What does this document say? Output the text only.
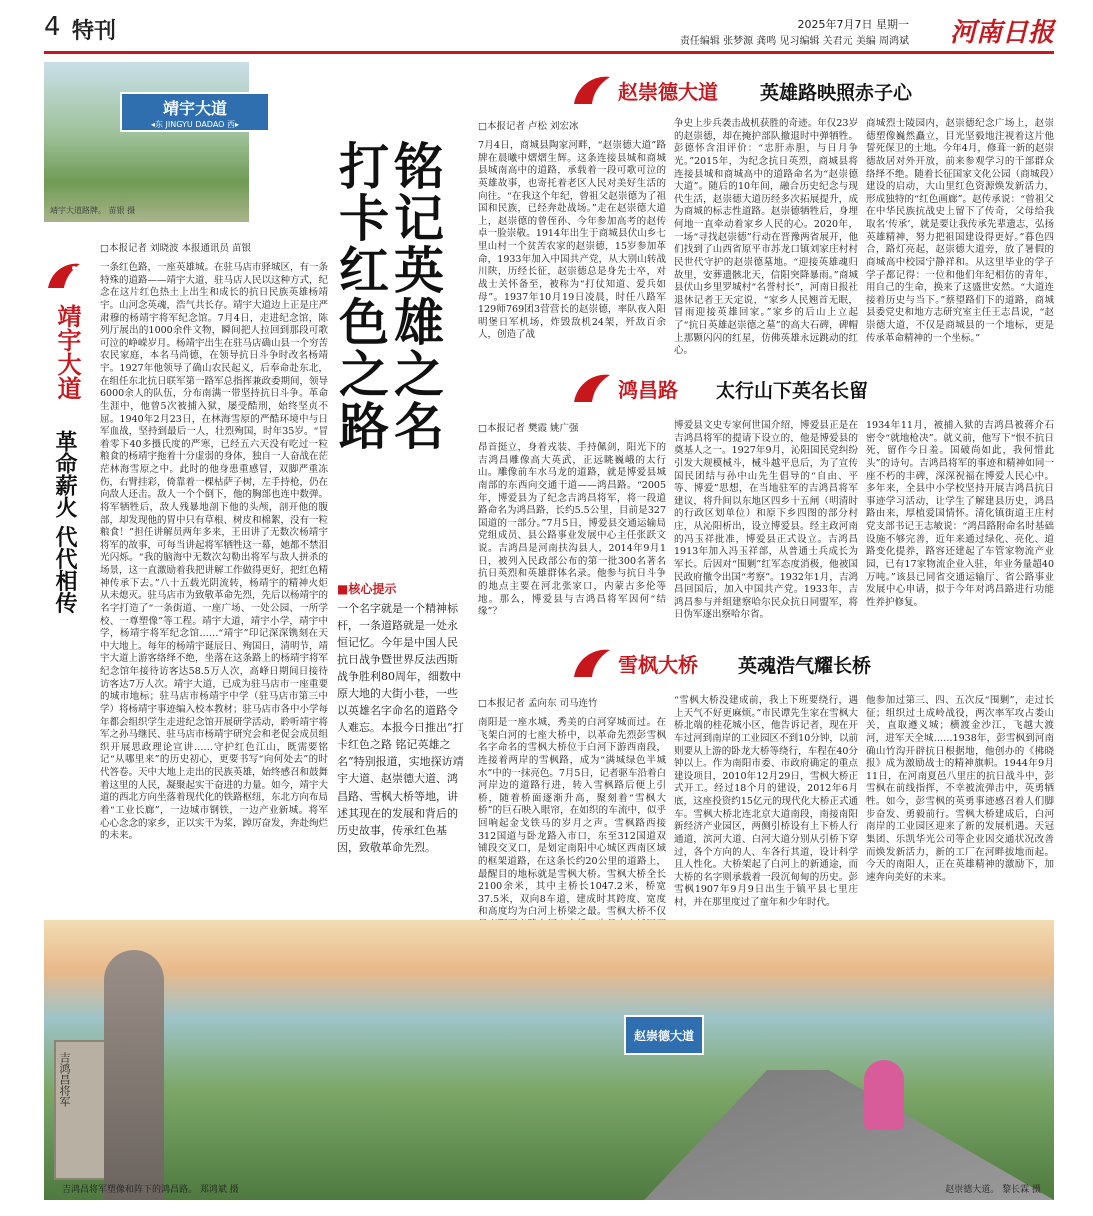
4 特刊	2025年7月7日 星期一
责任编辑 张梦源 龚鸣 见习编辑 关君元 美编 周鸿斌 河南日报
靖宇大道
◂东 JINGYU DADAO 西▸
靖宇大道路牌。 苗银 摄	铭记英雄之名
打卡红色之路
□本报记者 刘晓波 本报通讯员 苗银
靖宇大道
革命薪火 代代相传
一条红色路，一座英雄城。在驻马店市驿城区，有一条特殊的道路——靖宇大道，驻马店人民以这种方式，纪念在这片红色热土上出生和成长的抗日民族英雄杨靖宇。山河念英魂，浩气共长存。靖宇大道边上正是庄严肃穆的杨靖宇将军纪念馆。7月4日，走进纪念馆，陈列厅展出的1000余件文物，瞬间把人拉回到那段可歌可泣的峥嵘岁月。杨靖宇出生在驻马店确山县一个穷苦农民家庭，本名马尚德，在领导抗日斗争时改名杨靖宇。1927年他领导了确山农民起义，后奉命赴东北，在组任东北抗日联军第一路军总指挥兼政委期间，领导6000余人的队伍，分布南满一带坚持抗日斗争。革命生涯中，他曾5次被捕入狱，屡受酷刑，始终坚贞不屈。1940年2月23日，在林海雪原的严酷环境中与日军血战，坚持到最后一人，壮烈殉国，时年35岁。“冒着零下40多摄氏度的严寒，已经五六天没有吃过一粒粮食的杨靖宇拖着十分虚弱的身体，独自一人奋战在茫茫林海雪原之中。此时的他身患重感冒，双脚严重冻伤，右臂挂彩，倚靠着一棵枯萨子树，左手持枪，仍在向敌人还击。敌人一个个倒下，他的胸部也连中数弹。将军牺牲后，敌人残暴地剖下他的头颅，剖开他的腹部，却发现他的胃中只有草根、树皮和棉絮，没有一粒粮食！”担任讲解员两年多来，王田讲了无数次杨靖宇将军的故事，可每当讲起将军牺牲这一幕，她都不禁泪光闪烁。“我的脑海中无数次勾勒出将军与敌人拼杀的场景，这一直激励着我把讲解工作做得更好，把红色精神传承下去。”八十五载光阴流转，杨靖宇的精神火炬从未熄灭。驻马店市为致敬革命先烈，先后以杨靖宇的名字打造了“一条街道、一座广场、一处公园、一所学校、一尊塑像”等工程。靖宇大道，靖宇小学，靖宇中学，杨靖宇将军纪念馆……“靖宇”印记深深镌刻在天中大地上。每年的杨靖宇诞辰日、殉国日，清明节，靖宇大道上游客络绎不绝，坐落在这条路上的杨靖宇将军纪念馆年接待访客达58.5万人次，高峰日期间日接待访客达7万人次。靖宇大道，已成为驻马店市一座重要的城市地标；驻马店市杨靖宇中学（驻马店市第三中学）将杨靖宇事迹编入校本教材；驻马店市各中小学每年都会组织学生走进纪念馆开展研学活动，聆听靖宇将军之孙马继民、驻马店市杨靖宇研究会和老促会成员组织开展思政理论宣讲……守护红色江山，既需要铭记“从哪里来”的历史初心，更要书写“向何处去”的时代答卷。天中大地上走出的民族英雄，始终感召和鼓舞着这里的人民，凝聚起实干奋进的力量。如今，靖宇大道的西北方向坐落着现代化的铁路枢纽，东北方向布局着“工业长廊”，一边城市钢铁，一边产业新城。将军心心念念的家乡，正以实干为桨，踔厉奋发，奔赴绚烂的未来。
■核心提示
一个名字就是一个精神标杆，一条道路就是一处永恒记忆。今年是中国人民抗日战争暨世界反法西斯战争胜利80周年，细数中原大地的大街小巷，一些以英雄名字命名的道路令人难忘。本报今日推出“打卡红色之路 铭记英雄之名”特别报道，实地探访靖宇大道、赵崇德大道、鸿昌路、雪枫大桥等地，讲述其现在的发展和背后的历史故事，传承红色基因，致敬革命先烈。
赵崇德大道 英雄路映照赤子心
□本报记者 卢松 刘宏冰
7月4日，商城县陶家河畔，“赵崇德大道”路牌在晨曦中熠熠生辉。这条连接县城和商城县城南高中的道路，承载着一段可歌可泣的英雄故事，也寄托着老区人民对美好生活的向往。“在我这个年纪，曾祖父赵崇德为了祖国和民族，已经奔赴战场。”走在赵崇德大道上，赵崇德的曾侄孙、今年参加高考的赵传卓一脸崇敬。1914年出生于商城县伏山乡七里山村一个贫苦农家的赵崇德，15岁参加革命，1933年加入中国共产党，从大别山转战川陕，历经长征，赵崇德总是身先士卒，对战士关怀备至，被称为“打仗知道、爱兵如母”。1937年10月19日凌晨，时任八路军129师769团3营营长的赵崇德，率队夜入阳明堡日军机场，炸毁敌机24架，歼敌百余人，创造了战
争史上步兵袭击战机获胜的奇迹。年仅23岁的赵崇德，却在掩护部队撤退时中弹牺牲。彭德怀含泪评价：“忠肝赤胆，与日月争光。”2015年，为纪念抗日英烈，商城县将连接县城和商城高中的道路命名为“赵崇德大道”。随后的10年间，融合历史纪念与现代生活，赵崇德大道历经多次拓展提升，成为商城的标志性道路。赵崇德牺牲后，身埋何地一直牵动着家乡人民的心。2020年，一场“寻找赵崇德”行动在晋豫两省展开，他们找到了山西省原平市苏龙口镇刘家庄村村民世代守护的赵崇德墓地。“迎接英雄魂归故里，安葬遗骸北天，信阳突降暴雨。”商城县伏山乡里罗城村“名誉村长”，河南日报社退休记者王天定说，“家乡人民翘首无眠，冒雨迎接英雄回家。”家乡的后山上立起了“抗日英雄赵崇德之墓”的高大石碑，碑帽上那颗闪闪的红星，仿佛英雄永远跳动的红心。
商城烈士陵园内，赵崇德纪念广场上，赵崇德塑像巍然矗立，目光坚毅地注视着这片他誓死保卫的土地。今年4月，修葺一新的赵崇德故居对外开放，前来参观学习的干部群众络绎不绝。随着长征国家文化公园（商城段）建设的启动，大山里红色资源焕发新活力，形成独特的“红色画廊”。赵传承说：“曾祖父在中华民族抗战史上留下了传奇，父母给我取名‘传承’，就是要让我传承先辈遗志，弘扬英雄精神，努力把祖国建设得更好。”暮色四合，路灯亮起，赵崇德大道旁，放了暑假的商城高中校园宁静祥和。从这里毕业的学子学子都记得：一位和他们年纪相仿的青年，用自己的生命，换来了这盛世安然。“大道连接着历史与当下。”蔡望路们下的道路，商城县委党史和地方志研究室主任王志昌说，“赵崇德大道，不仅是商城县的一个地标，更是传承革命精神的一个坐标。”
鸿昌路 太行山下英名长留
□本报记者 樊霞 姚广强
昂首挺立，身着戎装、手持佩剑，阳光下的吉鸿昌雕像高大英武，正远眺巍峨的太行山。雕像前车水马龙的道路，就是博爱县城南部的东西向交通干道——鸿昌路。“2005年，博爱县为了纪念吉鸿昌将军，将一段道路命名为鸿昌路，长约5.5公里，目前是327国道的一部分。”7月5日，博爱县交通运输局党组成员、县公路事业发展中心主任张跃文说。吉鸿昌是河南扶沟县人，2014年9月1日，被列入民政部公布的第一批300名著名抗日英烈和英雄群体名录。他参与抗日斗争的地点主要在河北张家口，内蒙古多伦等地。那么，博爱县与吉鸿昌将军因何“结缘”？
博爱县文史专家何世国介绍，博爱县正是在吉鸿昌将军的提请下设立的，他是博爱县的奠基人之一。1927年9月，沁阳国民党纠纷引发大规模械斗，械斗越平息后，为了宣传国民团结与孙中山先生倡导的“自由、平等、博爱”思想，在当地驻军的吉鸿昌将军建议，将升间以东地区四乡十五闸（明清时的行政区划单位）和原下乡四图的部分村庄，从沁阳析出，设立博爱县。经主政河南的冯玉祥批准，博爱县正式设立。吉鸿昌1913年加入冯玉祥部，从普通士兵成长为军长。后因对“围剿”红军态度消极，他被国民政府撤令出国“考察”。1932年1月，吉鸿昌回国后，加入中国共产党。1933年，吉鸿昌参与并组建察哈尔民众抗日同盟军，将日伪军逐出察哈尔省。
1934年11月，被捕入狱的吉鸿昌被蒋介石密令“就地枪决”。就义前，他写下“恨不抗日死，留作今日羞。国破尚如此，我何惜此头”的诗句。吉鸿昌将军的事迹和精神如同一座不朽的丰碑，深深祝福在博爱人民心中。多年来，全县中小学校坚持开展吉鸿昌抗日事迹学习活动，让学生了解建县历史，鸿昌路由来，厚植爱国情怀。清化镇街道王庄村党支部书记王志敏说：“鸿昌路附命名时基础设施不够完善，近年来通过绿化、亮化、道路变化提养，路容还建起了车管家物流产业园，已有17家物流企业入驻，年业务量超40万吨。”该县已同省交通运输厅、省公路事业发展中心申请，拟于今年对鸿昌路进行功能性养护修复。
雪枫大桥 英魂浩气耀长桥
□本报记者 孟向东 司马连竹
南阳是一座水城，秀美的白河穿城而过。在飞架白河的七座大桥中，以革命先烈彭雪枫名字命名的雪枫大桥位于白河下游西南段，连接着两岸的雪枫路，成为“满城绿色半城水”中的一抹亮色。7月5日，记者驱车沿着白河岸边的道路行进，转入雪枫路后便上引桥，随着桥面逐渐升高，聚刻着“雪枫大桥”的巨石映入眼帘，在如织的车流中，似乎回响起金戈铁马的岁月之声。雪枫路西接312国道与卧龙路入市口，东至312国道双铺段交叉口，是划定南阳中心城区西南区域的框架道路，在这条长约20公里的道路上，最醒目的地标就是雪枫大桥。雪枫大桥全长2100余米，其中主桥长1047.2米，桥宽37.5米，双向8车道，建成时其跨度、宽度和高度均为白河上桥梁之最。雪枫大桥不仅
“雪枫大桥没建成前，我上下班要绕行，遇上天气不好更麻烦。”市民谭先生家在雪枫大桥北端的桂花城小区，他告诉记者，现在开车过河到南岸的工业园区不到10分钟，以前则要从上游的卧龙大桥等绕行，车程在40分钟以上。作为南阳市委、市政府确定的重点建设项目，2010年12月29日，雪枫大桥正式开工。经过18个月的建设，2012年6月底，这座投资约15亿元的现代化大桥正式通车。雪枫大桥北连北京大道南段，南接南阳新经济产业园区，两侧引桥设有上下桥人行通道，滨河大道、白河大道分别从引桥下穿过，各个方向的人、车各行其道，设计科学且人性化。大桥架起了白河上的新通途，而大桥的名字则承载着一段沉甸甸的历史。彭雪枫1907年9月9日出生于镇平县七里庄村，并在那里度过了童年和少年时代。
他参加过第三、四、五次反“围剿”，走过长征；组织过土成岭战役，两次率军攻占娄山关，直取遵义城；横渡金沙江，飞越大渡河，进军天全城……1938年，彭雪枫到河南确山竹沟开辟抗日根据地，他创办的《拂晓报》成为激励战士的精神旗帜。1944年9月11日，在河南夏邑八里庄的抗日战斗中，彭雪枫在前线指挥，不幸被流弹击中，英勇牺牲。如今，彭雪枫的英勇事迹感召着人们脚步奋发、勇毅前行。雪枫大桥建成后，白河南岸的工业园区迎来了新的发展机遇。天冠集团、乐凯华光公司等企业因交通状况改善而焕发新活力，新的工厂在河畔拔地而起。今天的南阳人，正在英雄精神的激励下，加速奔向美好的未来。
吉鸿昌将军
赵崇德大道
吉鸿昌将军塑像和阵下的鸿昌路。 郑鸿斌 摄	赵崇德大道。 黎长霖 摄
